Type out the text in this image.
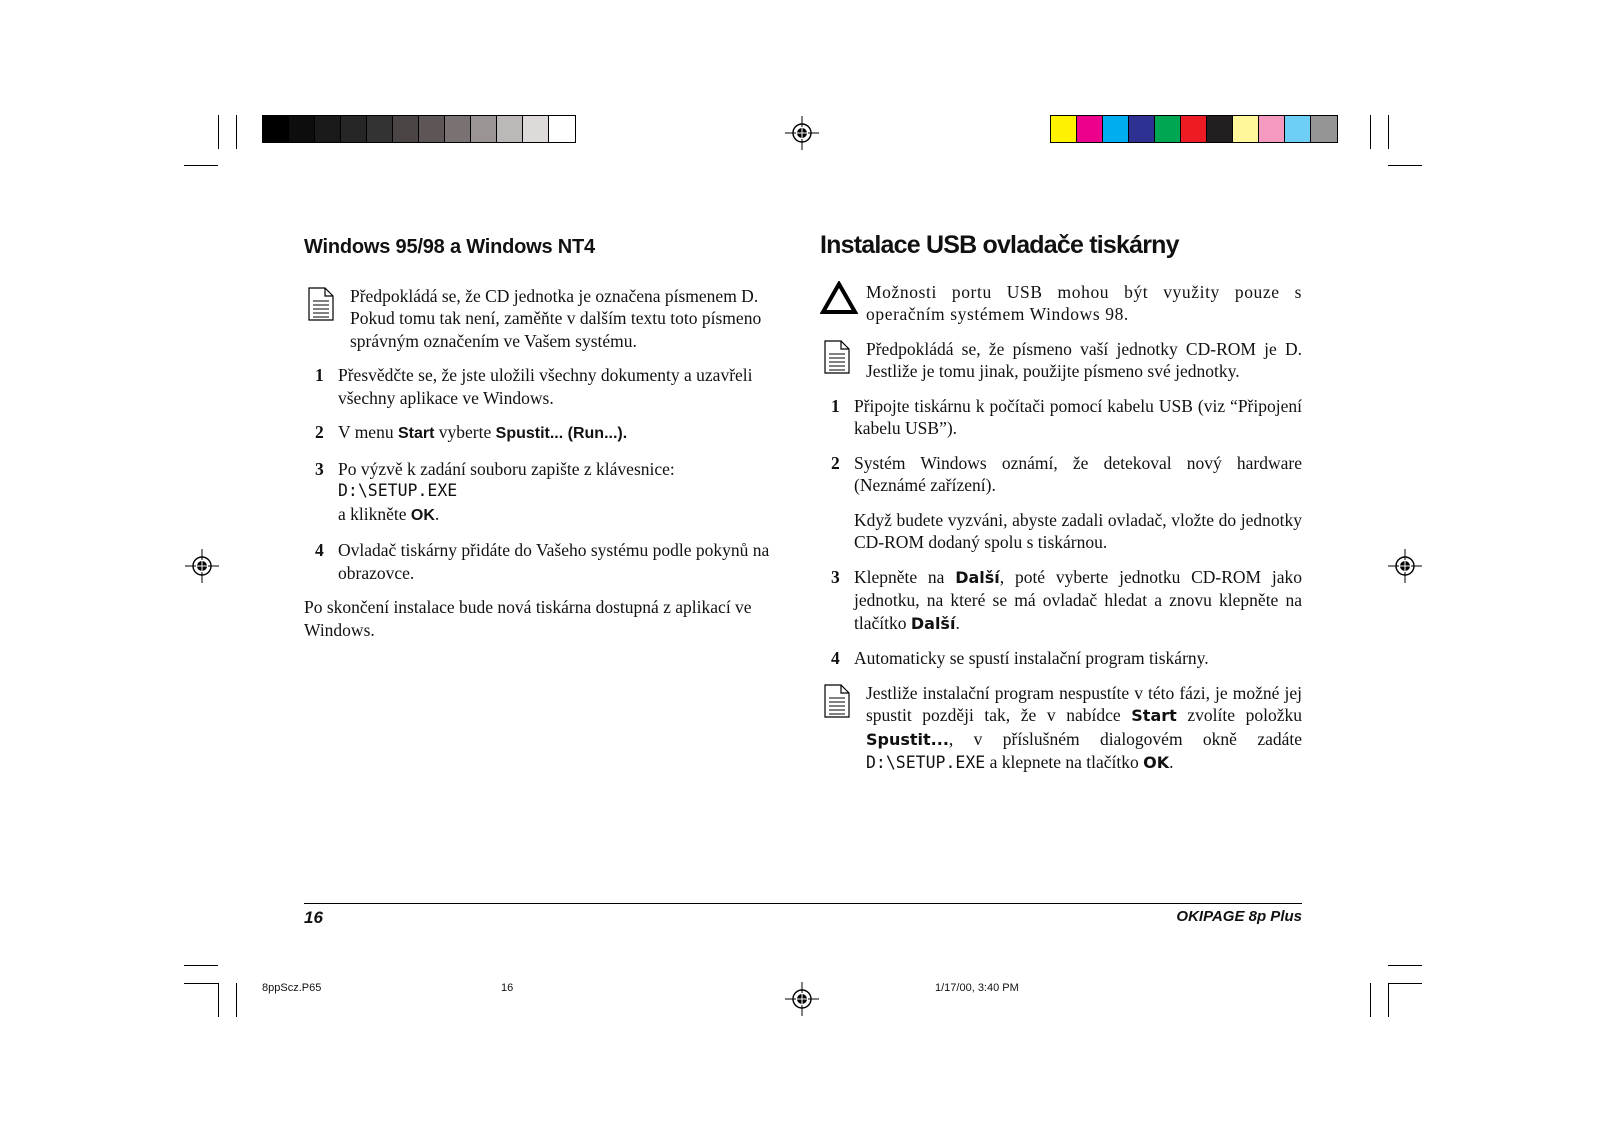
Windows 95/98 a Windows NT4
Předpokládá se, že CD jednotka je označena písmenem D. Pokud tomu tak není, zaměňte v dalším textu toto písmeno správným označením ve Vašem systému.
1 Přesvědčte se, že jste uložili všechny dokumenty a uzavřeli všechny aplikace ve Windows.
2 V menu Start vyberte Spustit... (Run...).
3 Po výzvě k zadání souboru zapište z klávesnice:
D:\SETUP.EXE
a klikněte OK.
4 Ovladač tiskárny přidáte do Vašeho systému podle pokynů na obrazovce.
Po skončení instalace bude nová tiskárna dostupná z aplikací ve Windows.
Instalace USB ovladače tiskárny
Možnosti portu USB mohou být využity pouze s operačním systémem Windows 98.
Předpokládá se, že písmeno vaší jednotky CD-ROM je D. Jestliže je tomu jinak, použijte písmeno své jednotky.
1 Připojte tiskárnu k počítači pomocí kabelu USB (viz “Připojení kabelu USB”).
2 Systém Windows oznámí, že detekoval nový hardware (Neznámé zařízení).
Když budete vyzváni, abyste zadali ovladač, vložte do jednotky CD-ROM dodaný spolu s tiskárnou.
3 Klepněte na Další, poté vyberte jednotku CD-ROM jako jednotku, na které se má ovladač hledat a znovu klepněte na tlačítko Další.
4 Automaticky se spustí instalační program tiskárny.
Jestliže instalační program nespustíte v této fázi, je možné jej spustit později tak, že v nabídce Start zvolíte položku Spustit..., v příslušném dialogovém okně zadáte D:\SETUP.EXE a klepnete na tlačítko OK.
16	OKIPAGE 8p Plus
8ppScz.P65	16	1/17/00, 3:40 PM
